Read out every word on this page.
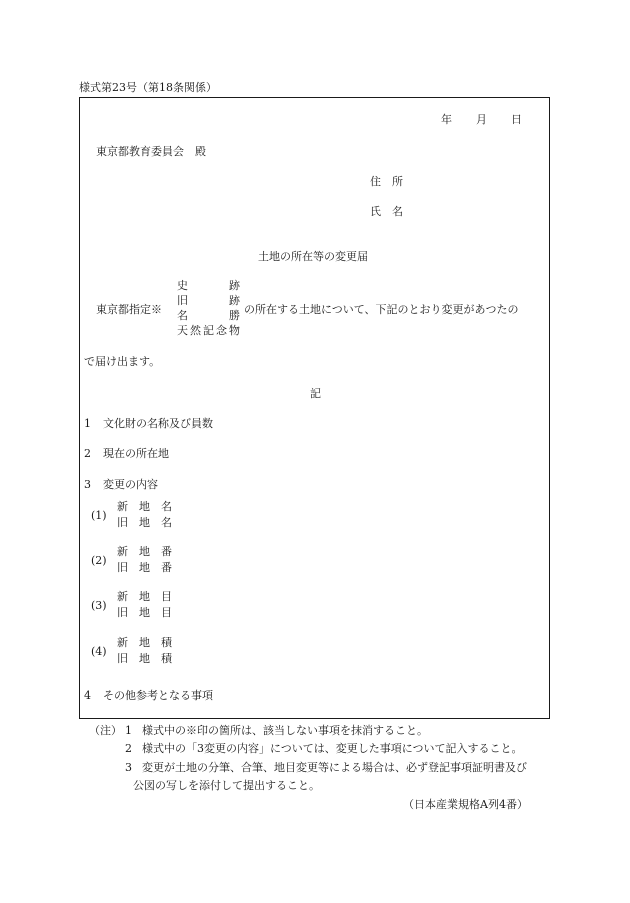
様式第23号（第18条関係）
年 月 日
東京都教育委員会　殿
住　所
氏　名
土地の所在等の変更届
東京都指定※
史	跡
旧	跡
名	勝
天然記念 物
の所在する土地について、下記のとおり変更があつたの
で届け出ます。
記
1 文化財の名称及び員数
2 現在の所在地
3 変更の内容
(1)
新　地　名
旧　地　名
(2)
新　地　番
旧　地　番
(3)
新　地　目
旧　地　目
(4)
新　地　積
旧　地　積
4 その他参考となる事項
（注） 1 様式中の※印の箇所は、該当しない事項を抹消すること。
2 様式中の「3変更の内容」については、変更した事項について記入すること。
3 変更が土地の分筆、合筆、地目変更等による場合は、必ず登記事項証明書及び
公図の写しを添付して提出すること。
（日本産業規格A列4番）
